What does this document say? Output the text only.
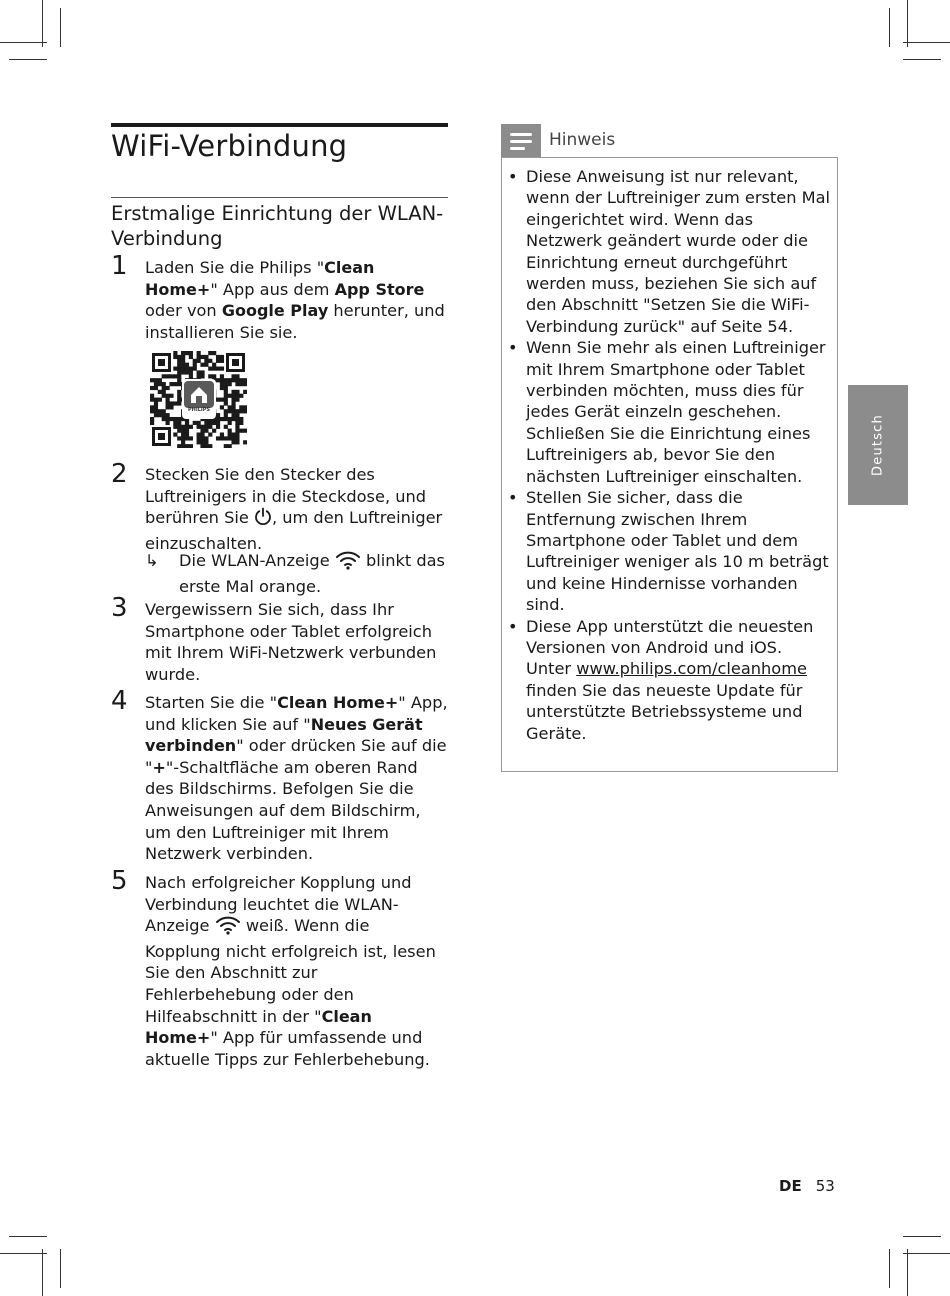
WiFi-Verbindung
Erstmalige Einrichtung der WLAN-Verbindung
1 Laden Sie die Philips "Clean Home+" App aus dem App Store oder von Google Play herunter, und installieren Sie sie.
PHILIPS
2 Stecken Sie den Stecker des Luftreinigers in die Steckdose, und berühren Sie , um den Luftreiniger einzuschalten.
↳ Die WLAN-Anzeige  blinkt das erste Mal orange.
3 Vergewissern Sie sich, dass Ihr Smartphone oder Tablet erfolgreich mit Ihrem WiFi-Netzwerk verbunden wurde.
4 Starten Sie die "Clean Home+" App, und klicken Sie auf "Neues Gerät verbinden" oder drücken Sie auf die "+"-Schaltfläche am oberen Rand des Bildschirms. Befolgen Sie die Anweisungen auf dem Bildschirm, um den Luftreiniger mit Ihrem Netzwerk verbinden.
5 Nach erfolgreicher Kopplung und Verbindung leuchtet die WLAN-Anzeige  weiß. Wenn die Kopplung nicht erfolgreich ist, lesen Sie den Abschnitt zur Fehlerbehebung oder den Hilfeabschnitt in der "Clean Home+" App für umfassende und aktuelle Tipps zur Fehlerbehebung.
Hinweis
• Diese Anweisung ist nur relevant, wenn der Luftreiniger zum ersten Mal eingerichtet wird. Wenn das Netzwerk geändert wurde oder die Einrichtung erneut durchgeführt werden muss, beziehen Sie sich auf den Abschnitt "Setzen Sie die WiFi-Verbindung zurück" auf Seite 54.
• Wenn Sie mehr als einen Luftreiniger mit Ihrem Smartphone oder Tablet verbinden möchten, muss dies für jedes Gerät einzeln geschehen. Schließen Sie die Einrichtung eines Luftreinigers ab, bevor Sie den nächsten Luftreiniger einschalten.
• Stellen Sie sicher, dass die Entfernung zwischen Ihrem Smartphone oder Tablet und dem Luftreiniger weniger als 10 m beträgt und keine Hindernisse vorhanden sind.
• Diese App unterstützt die neuesten Versionen von Android und iOS. Unter www.philips.com/cleanhome finden Sie das neueste Update für unterstützte Betriebssysteme und Geräte.
Deutsch
DE 53
